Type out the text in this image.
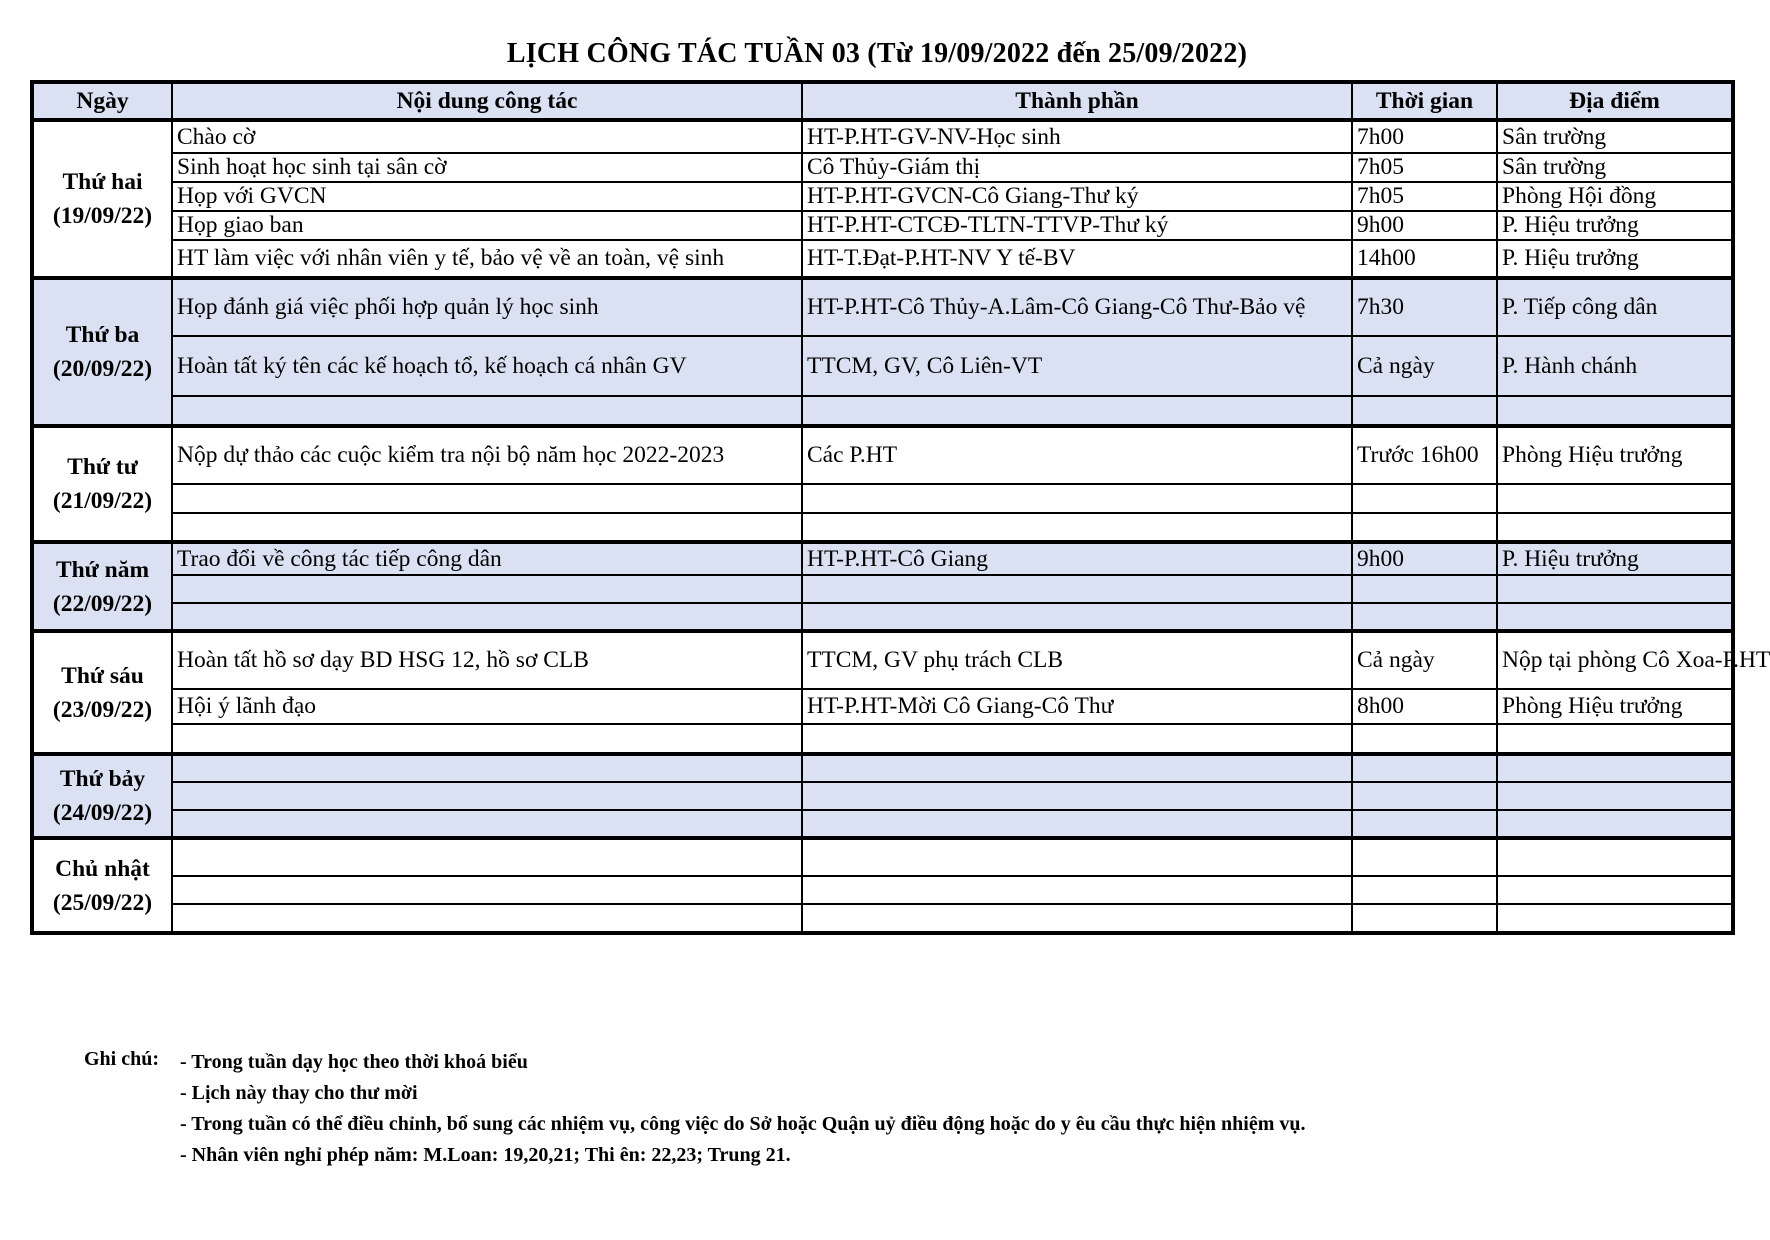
LỊCH CÔNG TÁC TUẦN 03 (Từ 19/09/2022 đến 25/09/2022)
Ngày	Nội dung công tác	Thành phần	Thời gian	Địa điểm

Thứ hai
(19/09/22)	Chào cờ	HT-P.HT-GV-NV-Học sinh	7h00	Sân trường
	Sinh hoạt học sinh tại sân cờ	Cô Thủy-Giám thị	7h05	Sân trường
	Họp với GVCN	HT-P.HT-GVCN-Cô Giang-Thư ký	7h05	Phòng Hội đồng
	Họp giao ban	HT-P.HT-CTCĐ-TLTN-TTVP-Thư ký	9h00	P. Hiệu trưởng
	HT làm việc với nhân viên y tế, bảo vệ về an toàn, vệ sinh	HT-T.Đạt-P.HT-NV Y tế-BV	14h00	P. Hiệu trưởng

Thứ ba
(20/09/22)	Họp đánh giá việc phối hợp quản lý học sinh	HT-P.HT-Cô Thủy-A.Lâm-Cô Giang-Cô Thư-Bảo vệ	7h30	P. Tiếp công dân
	Hoàn tất ký tên các kế hoạch tổ, kế hoạch cá nhân GV	TTCM, GV, Cô Liên-VT	Cả ngày	P. Hành chánh

Thứ tư
(21/09/22)	Nộp dự thảo các cuộc kiểm tra nội bộ năm học 2022-2023	Các P.HT	Trước 16h00	Phòng Hiệu trưởng

Thứ năm
(22/09/22)	Trao đổi về công tác tiếp công dân	HT-P.HT-Cô Giang	9h00	P. Hiệu trưởng

Thứ sáu
(23/09/22)	Hoàn tất hồ sơ dạy BD HSG 12, hồ sơ CLB	TTCM, GV phụ trách CLB	Cả ngày	Nộp tại phòng Cô Xoa-P.HT
	Hội ý lãnh đạo	HT-P.HT-Mời Cô Giang-Cô Thư	8h00	Phòng Hiệu trưởng

Thứ bảy
(24/09/22)				

Chủ nhật
(25/09/22)				

Ghi chú:	- Trong tuần dạy học theo thời khoá biểu
- Lịch này thay cho thư mời
- Trong tuần có thể điều chỉnh, bổ sung các nhiệm vụ, công việc do Sở hoặc Quận uỷ điều động hoặc do y êu cầu thực hiện nhiệm vụ.
- Nhân viên nghỉ phép năm: M.Loan: 19,20,21; Thi ên: 22,23; Trung 21.
